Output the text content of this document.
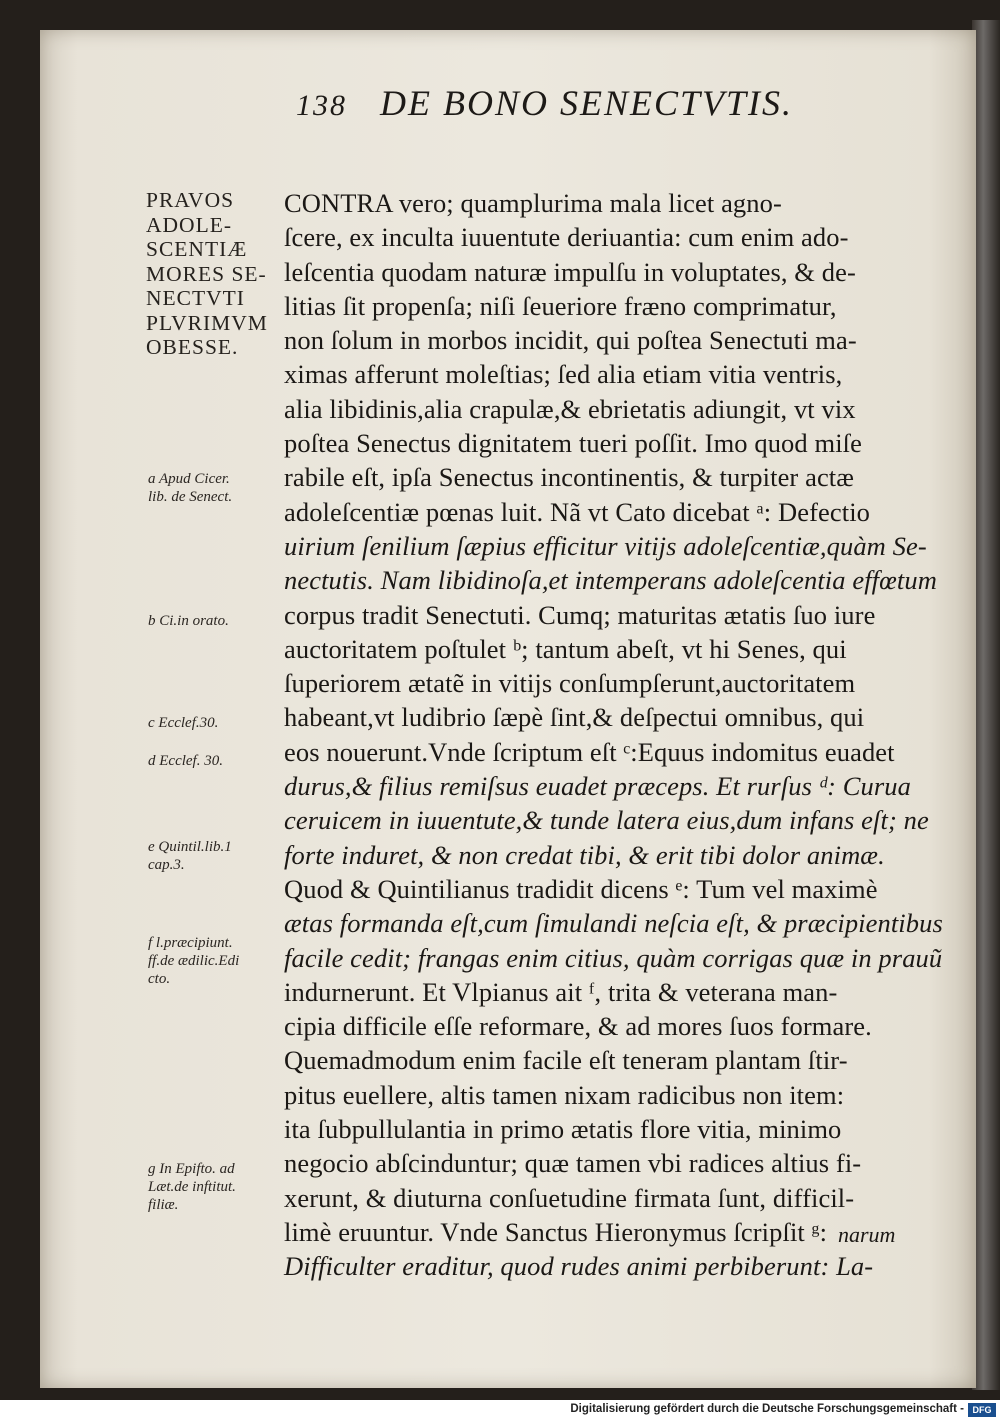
138 DE BONO SENECTVTIS.
PRAVOS
ADOLE-
SCENTIÆ
MORES SE-
NECTVTI
PLVRIMVM
OBESSE.
a Apud Cicer.
lib. de Senect.
b Ci.in orato.
c Ecclef.30.
d Ecclef. 30.
e Quintil.lib.1
cap.3.
f l.præcipiunt.
ff.de ædilic.Edi
cto.
g In Epifto. ad
Læt.de inftitut.
filiæ.
CONTRA vero; quamplurima mala licet agno-
ſcere, ex inculta iuuentute deriuantia: cum enim ado-
leſcentia quodam naturæ impulſu in voluptates, & de-
litias ſit propenſa; niſi ſeueriore fræno comprimatur,
non ſolum in morbos incidit, qui poſtea Senectuti ma-
ximas afferunt moleſtias; ſed alia etiam vitia ventris,
alia libidinis,alia crapulæ,& ebrietatis adiungit, vt vix
poſtea Senectus dignitatem tueri poſſit. Imo quod miſe
rabile eſt, ipſa Senectus incontinentis, & turpiter actæ
adoleſcentiæ pœnas luit. Nã vt Cato dicebat ᵃ: Defectio
uirium ſenilium ſæpius efficitur vitijs adoleſcentiæ,quàm Se-
nectutis. Nam libidinoſa,et intemperans adoleſcentia effœtum
corpus tradit Senectuti. Cumq; maturitas ætatis ſuo iure
auctoritatem poſtulet ᵇ; tantum abeſt, vt hi Senes, qui
ſuperiorem ætatẽ in vitijs conſumpſerunt,auctoritatem
habeant,vt ludibrio ſæpè ſint,& deſpectui omnibus, qui
eos nouerunt.Vnde ſcriptum eſt ᶜ:Equus indomitus euadet
durus,& filius remiſsus euadet præceps. Et rurſus ᵈ: Curua
ceruicem in iuuentute,& tunde latera eius,dum infans eſt; ne
forte induret, & non credat tibi, & erit tibi dolor animæ.
Quod & Quintilianus tradidit dicens ᵉ: Tum vel maximè
ætas formanda eſt,cum ſimulandi neſcia eſt, & præcipientibus
facile cedit; frangas enim citius, quàm corrigas quæ in prauũ
indurnerunt. Et Vlpianus ait ᶠ, trita & veterana man-
cipia difficile eſſe reformare, & ad mores ſuos formare.
Quemadmodum enim facile eſt teneram plantam ſtir-
pitus euellere, altis tamen nixam radicibus non item:
ita ſubpullulantia in primo ætatis flore vitia, minimo
negocio abſcinduntur; quæ tamen vbi radices altius fi-
xerunt, & diuturna conſuetudine firmata ſunt, difficil-
limè eruuntur. Vnde Sanctus Hieronymus ſcripſit ᵍ:
Difficulter eraditur, quod rudes animi perbiberunt: La-
narum
Digitalisierung gefördert durch die Deutsche Forschungsgemeinschaft - DFG
